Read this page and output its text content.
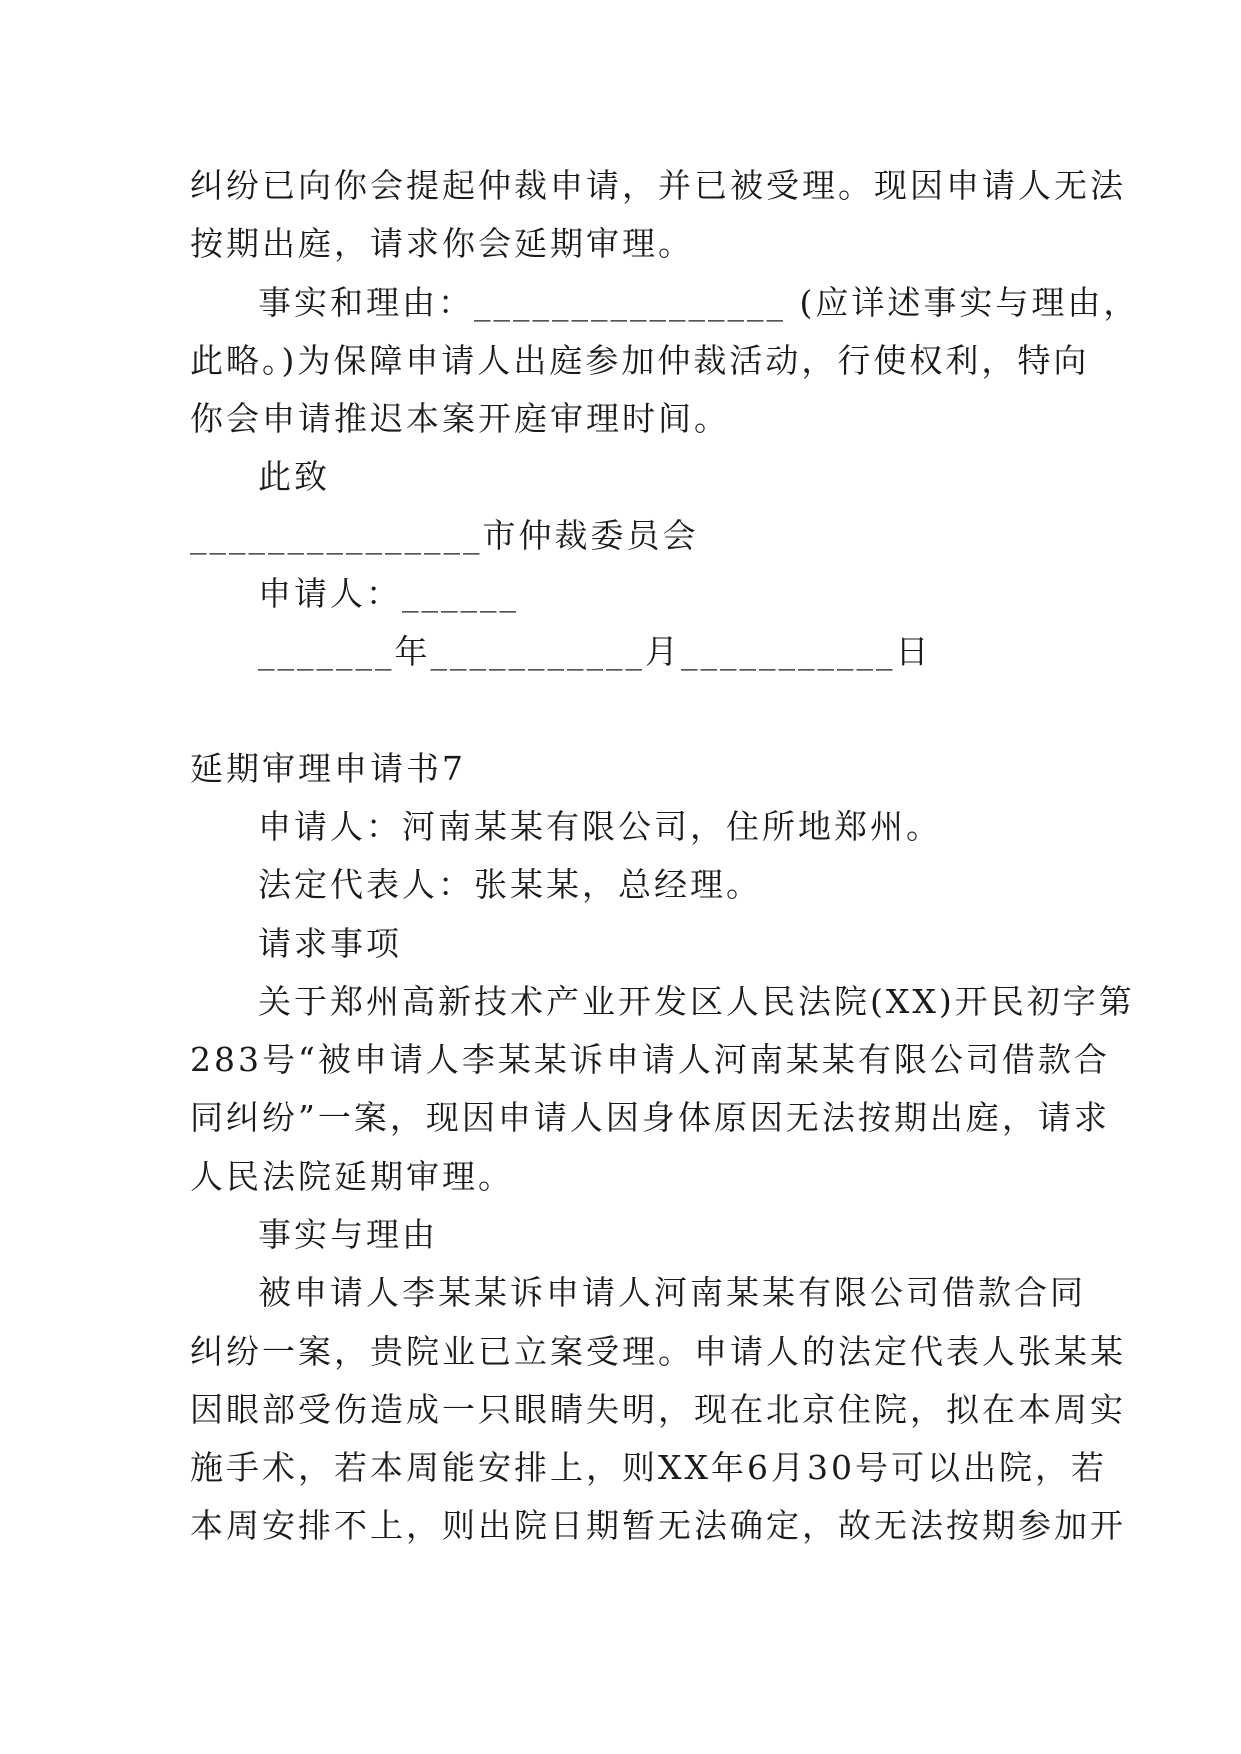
纠纷已向你会提起仲裁申请，并已被受理。现因申请人无法
按期出庭，请求你会延期审理。
事实和理由：________________ (应详述事实与理由，
此略。)为保障申请人出庭参加仲裁活动，行使权利，特向
你会申请推迟本案开庭审理时间。
此致
_______________市仲裁委员会
申请人：______
_______年___________月___________日
延期审理申请书7
申请人：河南某某有限公司，住所地郑州。
法定代表人：张某某，总经理。
请求事项
关于郑州高新技术产业开发区人民法院(XX)开民初字第
283号“被申请人李某某诉申请人河南某某有限公司借款合
同纠纷”一案，现因申请人因身体原因无法按期出庭，请求
人民法院延期审理。
事实与理由
被申请人李某某诉申请人河南某某有限公司借款合同
纠纷一案，贵院业已立案受理。申请人的法定代表人张某某
因眼部受伤造成一只眼睛失明，现在北京住院，拟在本周实
施手术，若本周能安排上，则XX年6月30号可以出院，若
本周安排不上，则出院日期暂无法确定，故无法按期参加开
